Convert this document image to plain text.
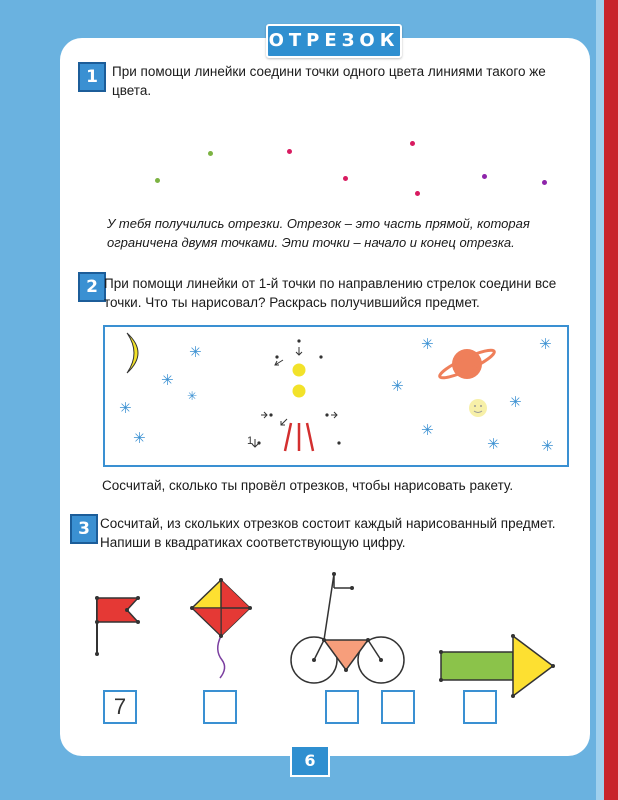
ОТРЕЗОК
1	При помощи линейки соедини точки одного цвета линиями такого же цвета.
У тебя получились отрезки. Отрезок – это часть прямой, которая ограничена двумя точками. Эти точки – начало и конец отрезка.
2 При помощи линейки от 1-й точки по направлению стрелок соедини все точки. Что ты нарисовал? Раскрась получившийся предмет.
1
✳
✳
✳
✳
✳
✳
✳
✳
✳
✳
✳	✳
Сосчитай, сколько ты провёл отрезков, чтобы нарисовать ракету.
3 Сосчитай, из скольких отрезков состоит каждый нарисованный предмет. Напиши в квадратиках соответствующую цифру.
7
6
